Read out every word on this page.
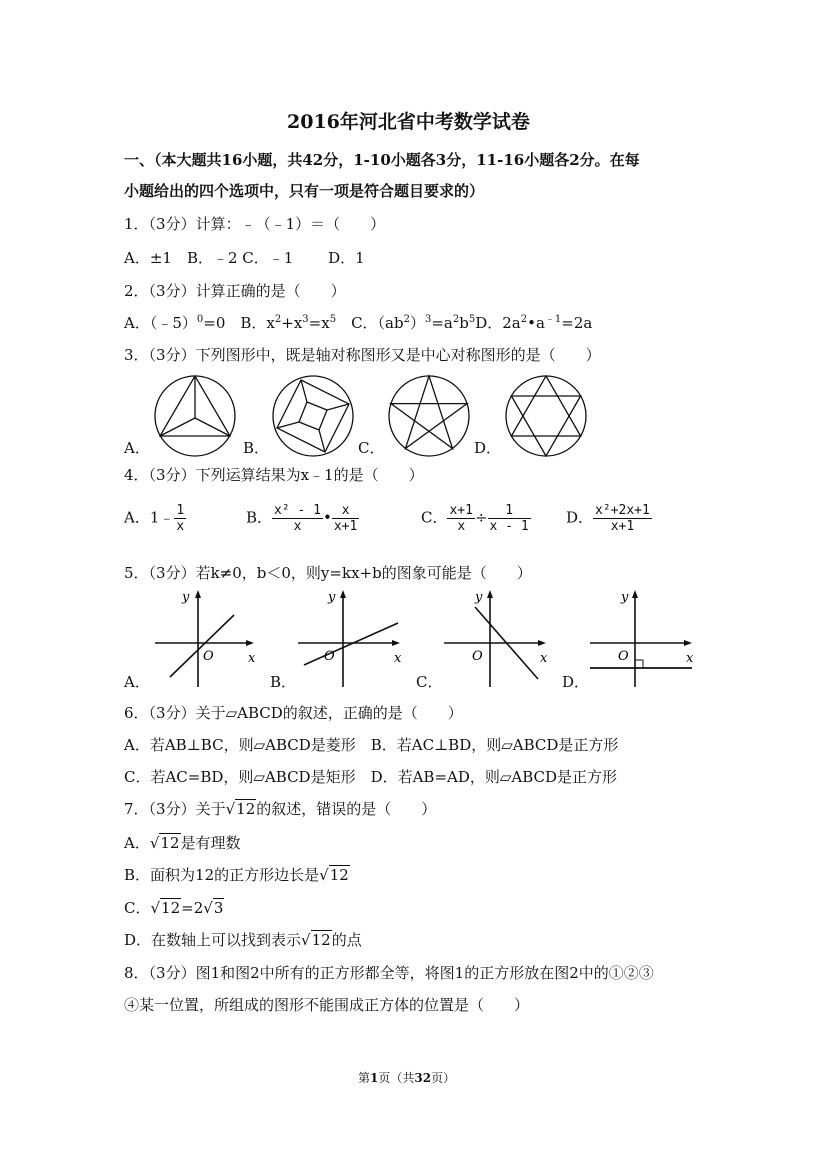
2016年河北省中考数学试卷
一、（本大题共16小题，共42分，1-10小题各3分，11-16小题各2分。在每
小题给出的四个选项中，只有一项是符合题目要求的）
1．（3分）计算：﹣（﹣1）＝（　　）
A．±1　B．﹣2 C．﹣1　　 D．1
2．（3分）计算正确的是（　　）
A．（﹣5）$^0$=0　B．$x^2+x^3=x^5$　C．$(ab^2)^3=a^2b^5D$．$2a^2•a^{﹣1}=2a$
3．（3分）下列图形中，既是轴对称图形又是中心对称图形的是（　　）
A．	B．	C．	D．
4．（3分）下列运算结果为x﹣1的是（　　）
A．1﹣ $\frac{1}{x}$	B． $\frac{\text{x² - 1}}{x}$ • $\frac{x}{x+1}$	C． $\frac{x+1}{x} \div \frac{1}{x - 1}$ D． $\frac{\text{x²+2x+1}}{x+1}$
5．（3分）若k≠0，b＜0，则y=kx+b的图象可能是（　　）
y
x
O
y
x
O
y
x
O
y
x
O
A．	B．	C．	D．
6．（3分）关于▱ABCD的叙述，正确的是（　　）
A．若AB⊥BC，则▱ABCD是菱形　B．若AC⊥BD，则▱ABCD是正方形
C．若AC=BD，则▱ABCD是矩形　D．若AB=AD，则▱ABCD是正方形
7．（3分）关于√12的叙述，错误的是（　　）
A．√12是有理数
B．面积为12的正方形边长是√12
C．√12=2√3
D．在数轴上可以找到表示√12的点
8．（3分）图1和图2中所有的正方形都全等，将图1的正方形放在图2中的①②③
④某一位置，所组成的图形不能围成正方体的位置是（　　）
第1页（共32页）
